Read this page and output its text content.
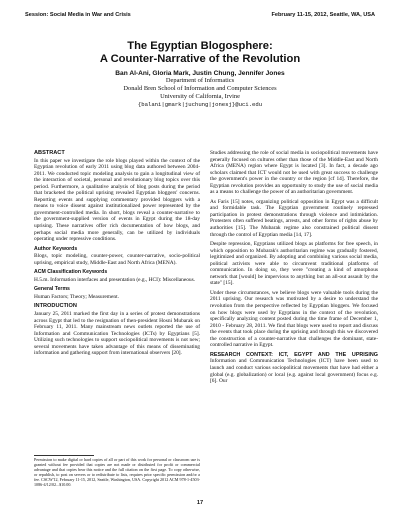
Session: Social Media in War and Crisis	February 11-15, 2012, Seattle, WA, USA
The Egyptian Blogosphere:
A Counter-Narrative of the Revolution
Ban Al-Ani, Gloria Mark, Justin Chung, Jennifer Jones
Department of Informatics
Donald Bren School of Information and Computer Sciences
University of California, Irvine
{balani|gmark|juchung|jonesj}@uci.edu
ABSTRACT

In this paper we investigate the role blogs played within the context of the Egyptian revolution of early 2011 using blog data authored between 2004-2011. We conducted topic modeling analysis to gain a longitudinal view of the interaction of societal, personal and revolutionary blog topics over this period. Furthermore, a qualitative analysis of blog posts during the period that bracketed the political uprising revealed Egyptian bloggers' concerns. Reporting events and supplying commentary provided bloggers with a means to voice dissent against institutionalized power represented by the government-controlled media. In short, blogs reveal a counter-narrative to the government-supplied version of events in Egypt during the 18-day uprising. These narratives offer rich documentation of how blogs, and perhaps social media more generally, can be utilized by individuals operating under repressive conditions.

Author Keywords

Blogs, topic modeling, counter-power, counter-narrative, socio-political uprising, empirical study, Middle-East and North Africa (MENA).

ACM Classification Keywords

H.5.m. Information interfaces and presentation (e.g., HCI): Miscellaneous.

General Terms

Human Factors; Theory; Measurement.

INTRODUCTION

January 25, 2011 marked the first day in a series of protest demonstrations across Egypt that led to the resignation of then-president Hosni Mubarak on February 11, 2011. Many mainstream news outlets reported the use of Information and Communication Technologies (ICTs) by Egyptians [5]. Utilizing such technologies to support sociopolitical movements is not new; several movements have taken advantage of this means of disseminating information and gathering support from international observers [20].

Permission to make digital or hard copies of all or part of this work for personal or classroom use is granted without fee provided that copies are not made or distributed for profit or commercial advantage and that copies bear this notice and the full citation on the first page. To copy otherwise, or republish, to post on servers or to redistribute to lists, requires prior specific permission and/or a fee. CSCW'12, February 11-15, 2012, Seattle, Washington, USA. Copyright 2012 ACM 978-1-4503-1086-4/12/02...$10.00.

Studies addressing the role of social media in sociopolitical movements have generally focused on cultures other than those of the Middle-East and North Africa (MENA) region where Egypt is located [3]. In fact, a decade ago scholars claimed that ICT would not be used with great success to challenge the government's power in the country or the region [cf 14]. Therefore, the Egyptian revolution provides an opportunity to study the use of social media as a means to challenge the power of an authoritarian government.

As Faris [15] notes, organizing political opposition in Egypt was a difficult and formidable task. The Egyptian government routinely repressed participation in protest demonstrations through violence and intimidation. Protesters often suffered beatings, arrests, and other forms of rights abuse by authorities [15]. The Mubarak regime also constrained political dissent through the control of Egyptian media [14, 17].

Despite repression, Egyptians utilized blogs as platforms for free speech, in which opposition to Mubarak's authoritarian regime was gradually fostered, legitimized and organized. By adopting and combining various social media, political activists were able to circumvent traditional platforms of communication. In doing so, they were "creating a kind of amorphous network that [would] be impervious to anything but an all-out assault by the state" [15].

Under these circumstances, we believe blogs were valuable tools during the 2011 uprising. Our research was motivated by a desire to understand the revolution from the perspective reflected by Egyptian bloggers. We focused on how blogs were used by Egyptians in the context of the revolution, specifically analyzing content posted during the time frame of December 1, 2010 - February 28, 2011. We find that blogs were used to report and discuss the events that took place during the uprising and through this we discovered the construction of a counter-narrative that challenges the dominant, state-controlled narrative in Egypt.

RESEARCH CONTEXT: ICT, EGYPT AND THE UPRISING Information and Communication Technologies (ICT) have been used to launch and conduct various sociopolitical movements that have had either a global (e.g. globalization) or local (e.g. against local government) focus e.g. [6]. Our

17
